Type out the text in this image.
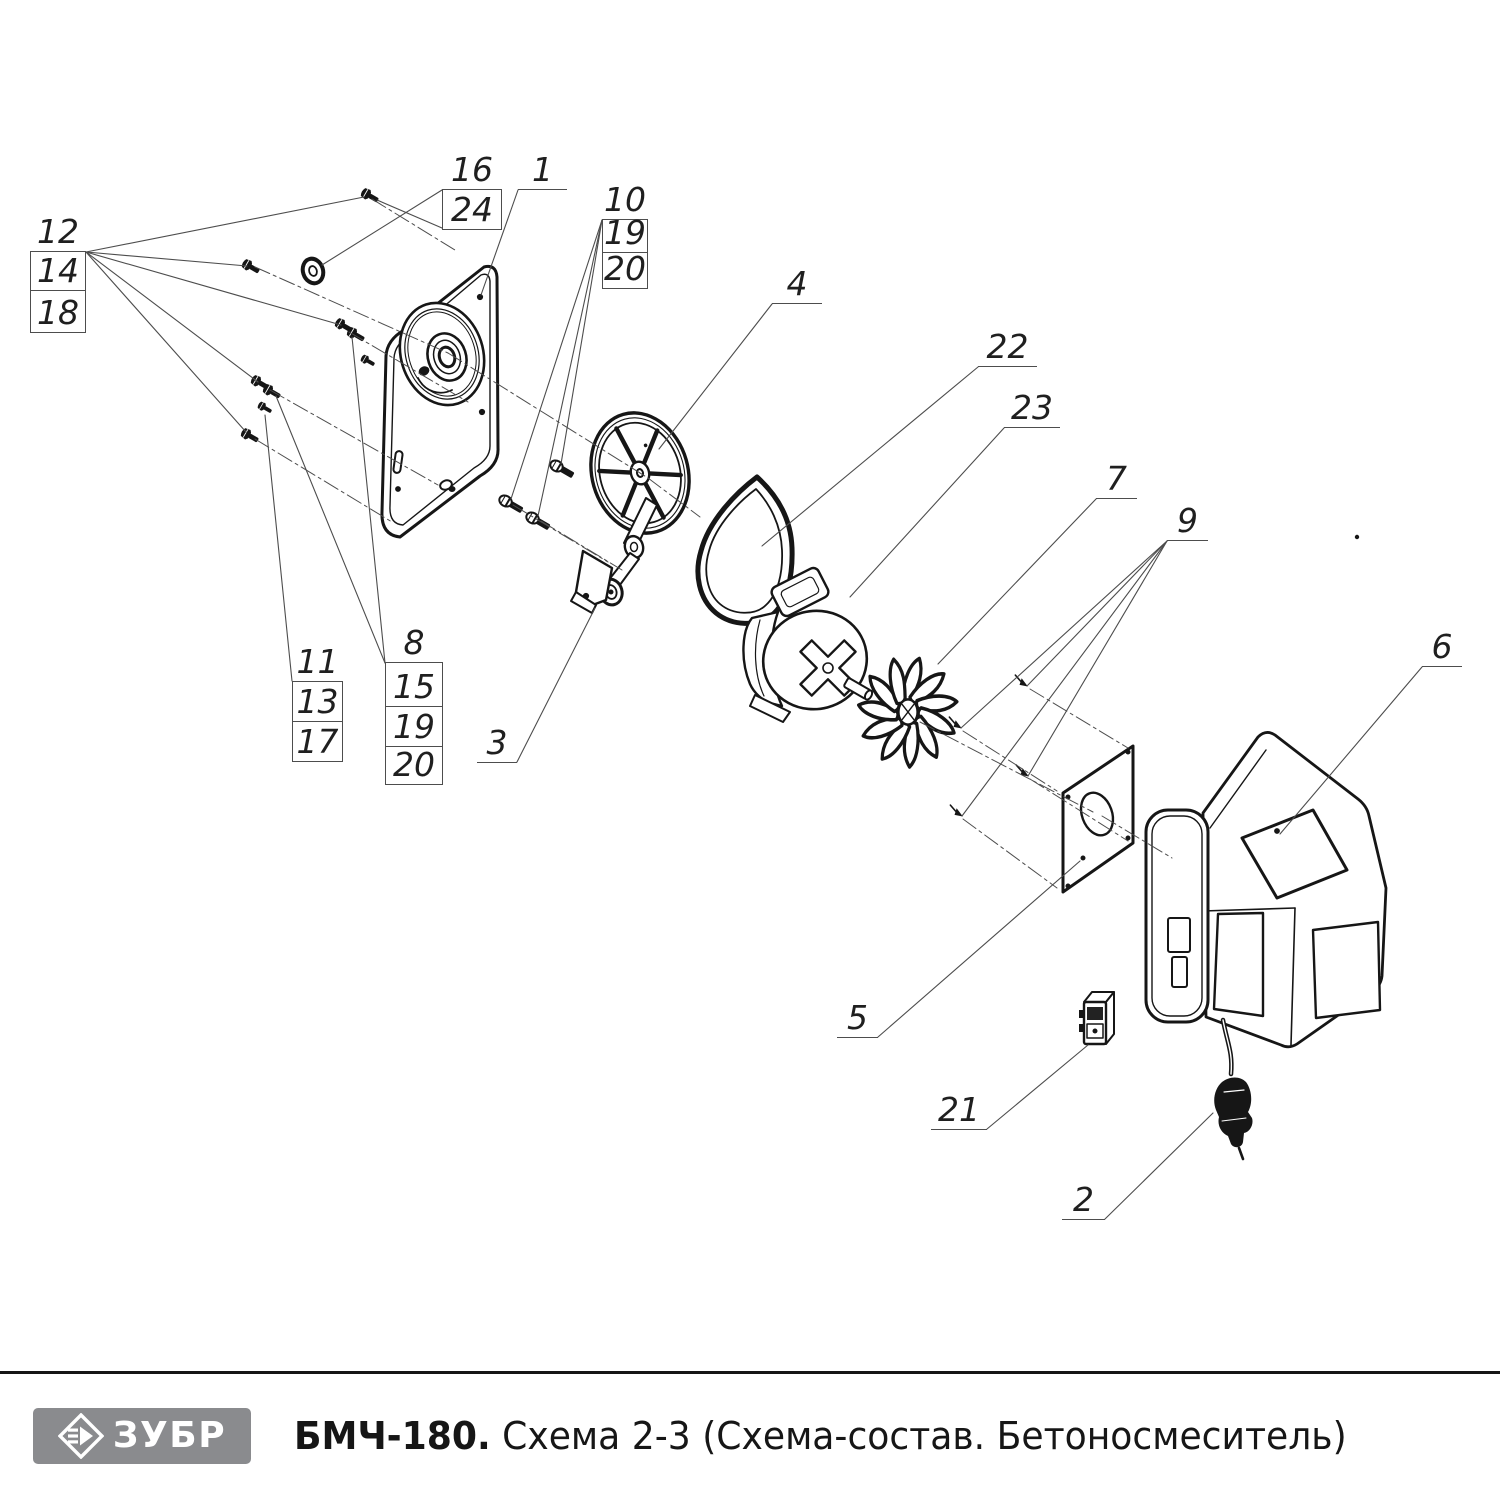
12
14
18
16
24
1
10
19
20	4
22
23
7
9
6
11
13
17
8
15
19
20
3
5
21
2
ЗУБР БМЧ-180. Схема 2-3 (Схема-состав. Бетоносмеситель)
